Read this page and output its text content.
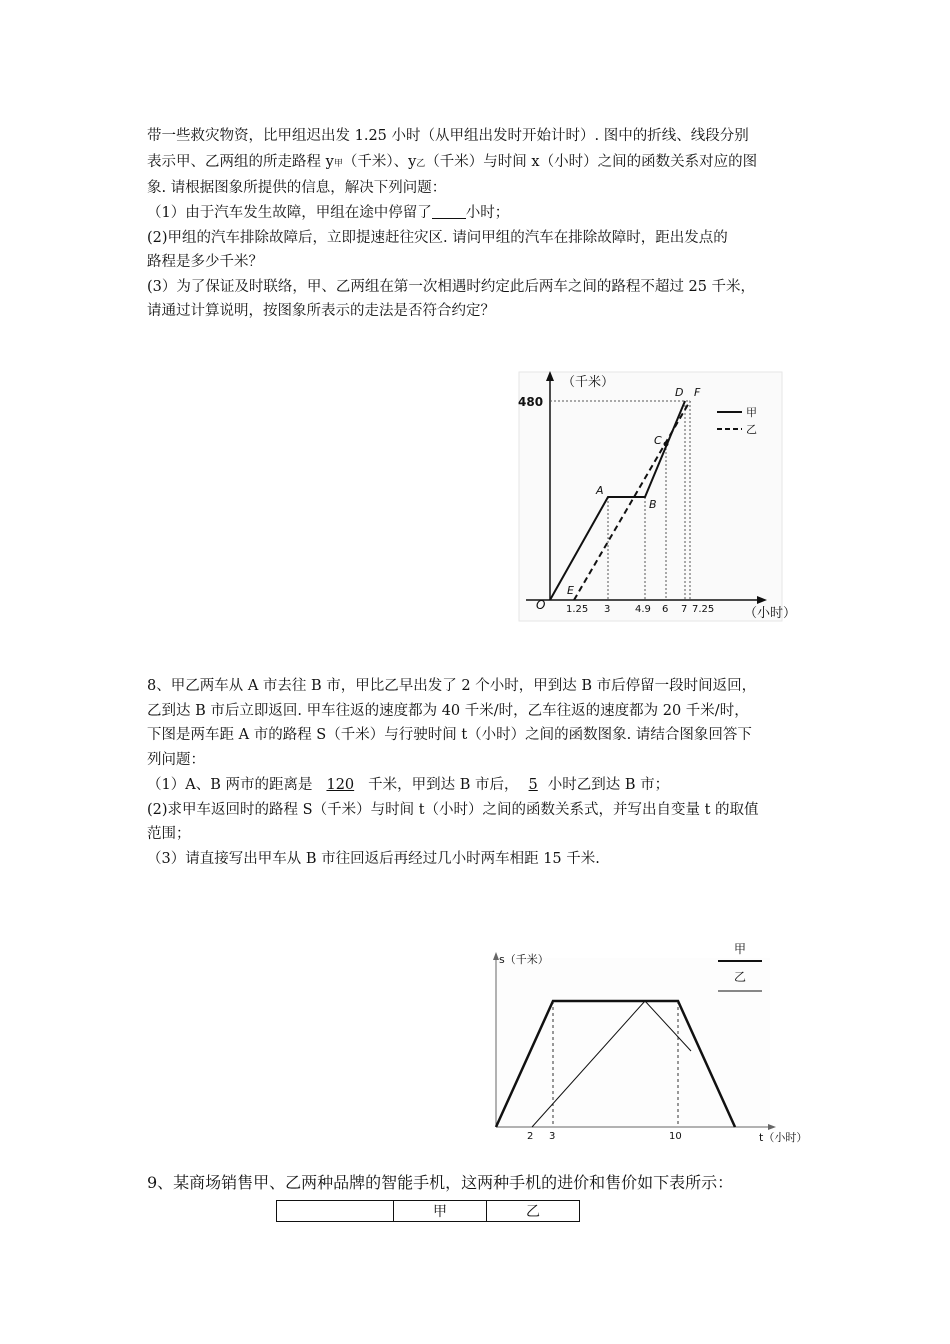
带一些救灾物资，比甲组迟出发 1.25 小时（从甲组出发时开始计时）. 图中的折线、线段分别
表示甲、乙两组的所走路程 y甲（千米）、y乙（千米）与时间 x（小时）之间的函数关系对应的图
象. 请根据图象所提供的信息，解决下列问题：
（1）由于汽车发生故障，甲组在途中停留了 小时；
(2)甲组的汽车排除故障后，立即提速赶往灾区. 请问甲组的汽车在排除故障时，距出发点的
路程是多少千米？
(3）为了保证及时联络，甲、乙两组在第一次相遇时约定此后两车之间的路程不超过 25 千米，
请通过计算说明，按图象所表示的走法是否符合约定？
（千米）
480
O 1.25 3 4.9 6 7 7.25 （小时）
A
B
C
D
E
F
甲
乙
8、甲乙两车从 A 市去往 B 市，甲比乙早出发了 2 个小时，甲到达 B 市后停留一段时间返回，
乙到达 B 市后立即返回. 甲车往返的速度都为 40 千米/时，乙车往返的速度都为 20 千米/时，
下图是两车距 A 市的路程 S（千米）与行驶时间 t（小时）之间的函数图象. 请结合图象回答下
列问题：
（1）A、B 两市的距离是 120 千米，甲到达 B 市后， 5 小时乙到达 B 市；
(2)求甲车返回时的路程 S（千米）与时间 t（小时）之间的函数关系式，并写出自变量 t 的取值
范围；
（3）请直接写出甲车从 B 市往回返后再经过几小时两车相距 15 千米.
s（千米）
t（小时）
2 3	10
甲
乙
9、某商场销售甲、乙两种品牌的智能手机，这两种手机的进价和售价如下表所示：
	甲	乙
